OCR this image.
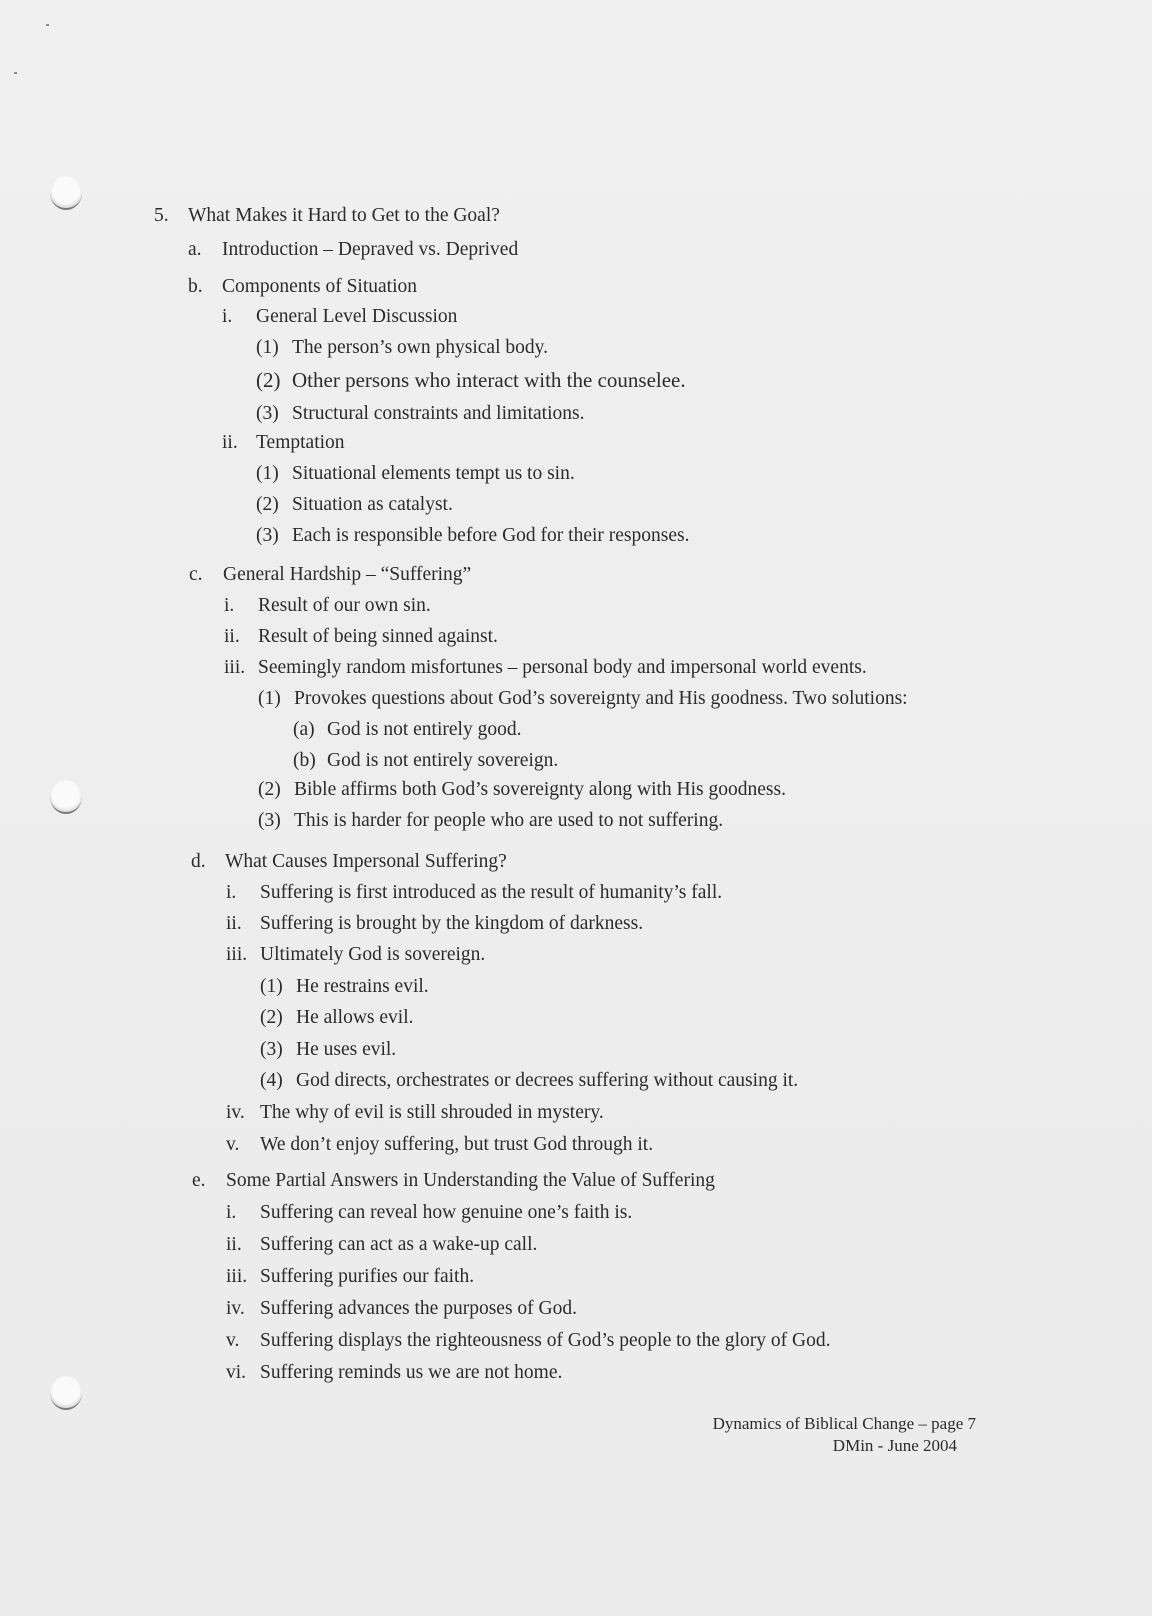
5. What Makes it Hard to Get to the Goal?
a. Introduction – Depraved vs. Deprived
b. Components of Situation
i. General Level Discussion
(1) The person’s own physical body.
(2) Other persons who interact with the counselee.
(3) Structural constraints and limitations.
ii. Temptation
(1) Situational elements tempt us to sin.
(2) Situation as catalyst.
(3) Each is responsible before God for their responses.
c. General Hardship – “Suffering”
i. Result of our own sin.
ii. Result of being sinned against.
iii. Seemingly random misfortunes – personal body and impersonal world events.
(1) Provokes questions about God’s sovereignty and His goodness. Two solutions:
(a) God is not entirely good.
(b) God is not entirely sovereign.
(2) Bible affirms both God’s sovereignty along with His goodness.
(3) This is harder for people who are used to not suffering.
d. What Causes Impersonal Suffering?
i. Suffering is first introduced as the result of humanity’s fall.
ii. Suffering is brought by the kingdom of darkness.
iii. Ultimately God is sovereign.
(1) He restrains evil.
(2) He allows evil.
(3) He uses evil.
(4) God directs, orchestrates or decrees suffering without causing it.
iv. The why of evil is still shrouded in mystery.
v. We don’t enjoy suffering, but trust God through it.
e. Some Partial Answers in Understanding the Value of Suffering
i. Suffering can reveal how genuine one’s faith is.
ii. Suffering can act as a wake-up call.
iii. Suffering purifies our faith.
iv. Suffering advances the purposes of God.
v. Suffering displays the righteousness of God’s people to the glory of God.
vi. Suffering reminds us we are not home.
Dynamics of Biblical Change – page 7
DMin - June 2004
